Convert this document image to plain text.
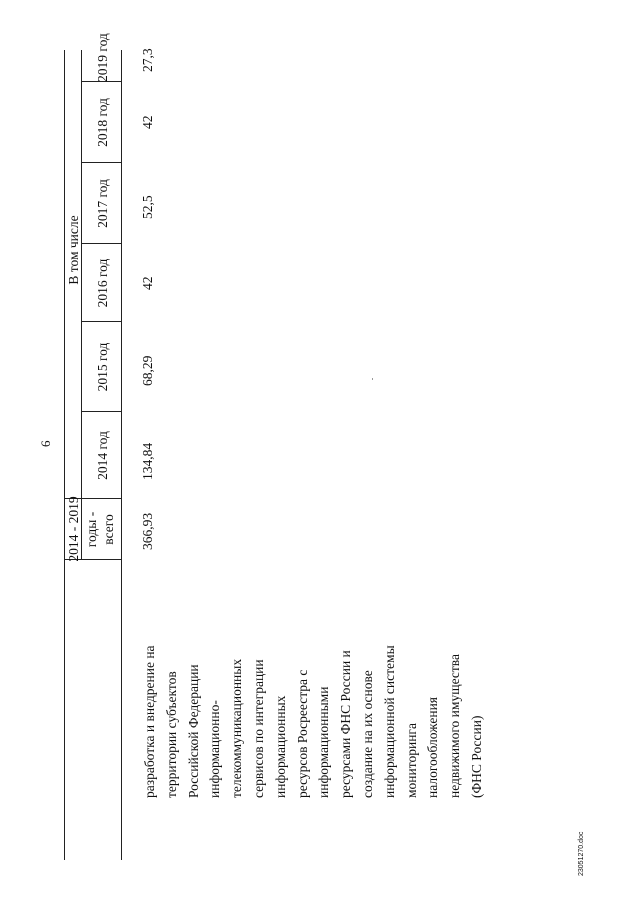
6
23051270.doc
2014 - 2019 годы - всего
В том числе
2014 год
2015 год
2016 год
2017 год
2018 год
2019 год
разработка и внедрение на территории субъектов Российской Федерации информационно- телекоммуникационных сервисов по интеграции информационных ресурсов Росреестра с информационными ресурсами ФНС России и создание на их основе информационной системы мониторинга налогообложения недвижимого имущества (ФНС России)
366,93
134,84
68,29
42
52,5
42
27,3
